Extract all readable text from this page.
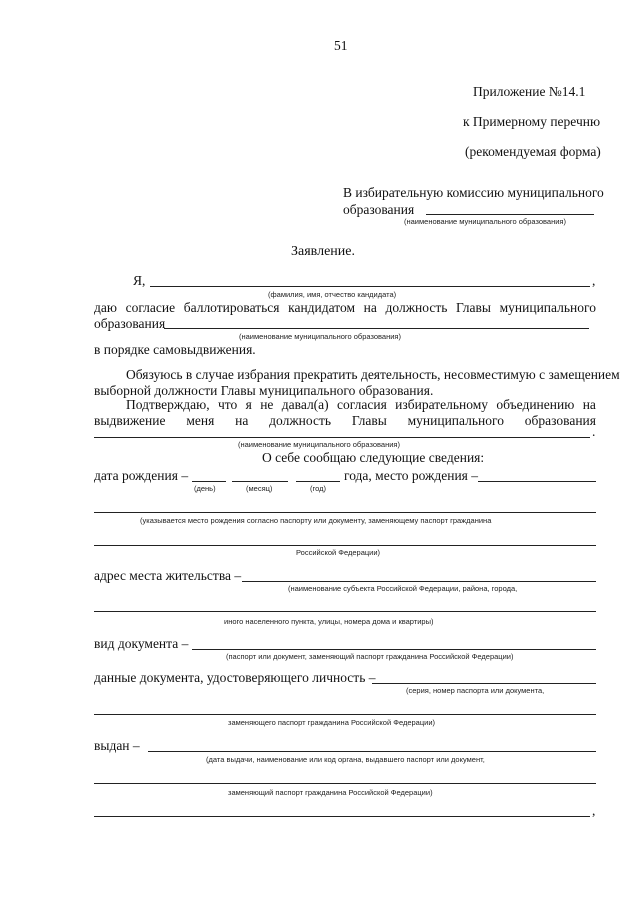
51
Приложение №14.1
к Примерному перечню
(рекомендуемая форма)
В избирательную комиссию муниципального
образования
(наименование муниципального образования)
Заявление.
Я,	,
(фамилия, имя, отчество кандидата)
даю согласие баллотироваться кандидатом на должность Главы муниципального
образования
(наименование муниципального образования)
в порядке самовыдвижения.
Обязуюсь в случае избрания прекратить деятельность, несовместимую с замещением
выборной должности Главы муниципального образования.
Подтверждаю, что я не давал(а) согласия избирательному объединению на
выдвижение меня на должность Главы муниципального образования
.
(наименование муниципального образования)
О себе сообщаю следующие сведения:
дата рождения –	года, место рождения –
(день)	(месяц)	(год)
(указывается место рождения согласно паспорту или документу, заменяющему паспорт гражданина
Российской Федерации)
адрес места жительства –
(наименование субъекта Российской Федерации, района, города,
иного населенного пункта, улицы, номера дома и квартиры)
вид документа –
(паспорт или документ, заменяющий паспорт гражданина Российской Федерации)
данные документа, удостоверяющего личность –
(серия, номер паспорта или документа,
заменяющего паспорт гражданина Российской Федерации)
выдан –
(дата выдачи, наименование или код органа, выдавшего паспорт или документ,
заменяющий паспорт гражданина Российской Федерации)
,
